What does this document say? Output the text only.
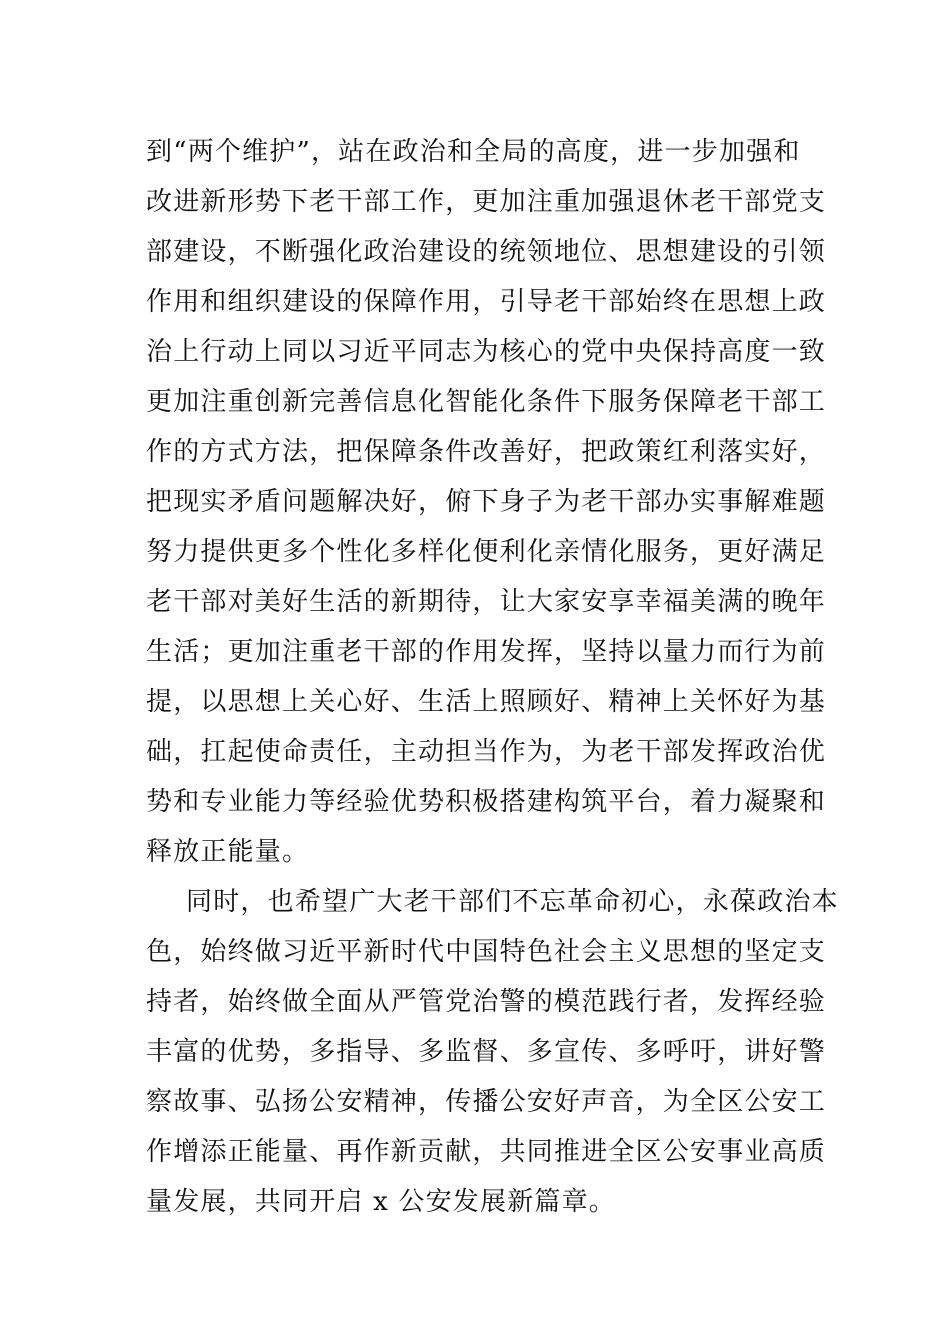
到“两个维护”，站在政治和全局的高度，进一步加强和
改进新形势下老干部工作，更加注重加强退休老干部党支
部建设，不断强化政治建设的统领地位、思想建设的引领
作用和组织建设的保障作用，引导老干部始终在思想上政
治上行动上同以习近平同志为核心的党中央保持高度一致
更加注重创新完善信息化智能化条件下服务保障老干部工
作的方式方法，把保障条件改善好，把政策红利落实好，
把现实矛盾问题解决好，俯下身子为老干部办实事解难题
努力提供更多个性化多样化便利化亲情化服务，更好满足
老干部对美好生活的新期待，让大家安享幸福美满的晚年
生活；更加注重老干部的作用发挥，坚持以量力而行为前
提，以思想上关心好、生活上照顾好、精神上关怀好为基
础，扛起使命责任，主动担当作为，为老干部发挥政治优
势和专业能力等经验优势积极搭建构筑平台，着力凝聚和
释放正能量。
同时，也希望广大老干部们不忘革命初心，永葆政治本
色，始终做习近平新时代中国特色社会主义思想的坚定支
持者，始终做全面从严管党治警的模范践行者，发挥经验
丰富的优势，多指导、多监督、多宣传、多呼吁，讲好警
察故事、弘扬公安精神，传播公安好声音，为全区公安工
作增添正能量、再作新贡献，共同推进全区公安事业高质
量发展，共同开启 x 公安发展新篇章。
